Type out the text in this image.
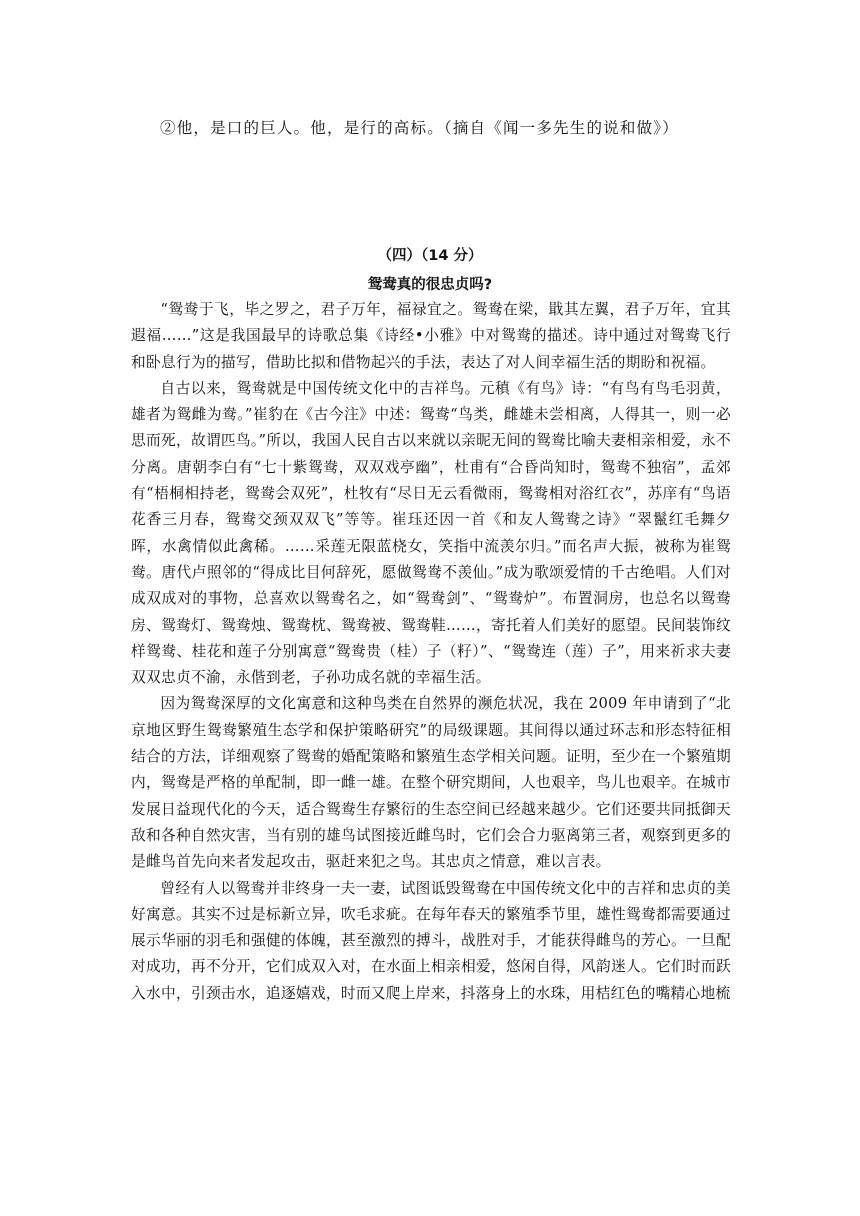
②他，是口的巨人。他，是行的高标。（摘自《闻一多先生的说和做》）
（四）（14 分）
鸳鸯真的很忠贞吗?

“鸳鸯于飞，毕之罗之，君子万年，福禄宜之。鸳鸯在梁，戢其左翼，君子万年，宜其遐福……”这是我国最早的诗歌总集《诗经•小雅》中对鸳鸯的描述。诗中通过对鸳鸯飞行和卧息行为的描写，借助比拟和借物起兴的手法，表达了对人间幸福生活的期盼和祝福。

自古以来，鸳鸯就是中国传统文化中的吉祥鸟。元稹《有鸟》诗：“有鸟有鸟毛羽黄，雄者为鸳雌为鸯。”崔豹在《古今注》中述：鸳鸯“鸟类，雌雄未尝相离，人得其一，则一必思而死，故谓匹鸟。”所以，我国人民自古以来就以亲昵无间的鸳鸯比喻夫妻相亲相爱，永不分离。唐朝李白有“七十紫鸳鸯，双双戏亭幽”，杜甫有“合昏尚知时，鸳鸯不独宿”，孟郊有“梧桐相持老，鸳鸯会双死”，杜牧有“尽日无云看微雨，鸳鸯相对浴红衣”，苏庠有“鸟语花香三月春，鸳鸯交颈双双飞”等等。崔珏还因一首《和友人鸳鸯之诗》“翠鬣红毛舞夕晖，水禽情似此禽稀。……采莲无限蓝桡女，笑指中流羡尔归。”而名声大振，被称为崔鸳鸯。唐代卢照邻的“得成比目何辞死，愿做鸳鸯不羡仙。”成为歌颂爱情的千古绝唱。人们对成双成对的事物，总喜欢以鸳鸯名之，如“鸳鸯剑”、“鸳鸯炉”。布置洞房，也总名以鸳鸯房、鸳鸯灯、鸳鸯烛、鸳鸯枕、鸳鸯被、鸳鸯鞋……，寄托着人们美好的愿望。民间装饰纹样鸳鸯、桂花和莲子分别寓意“鸳鸯贵（桂）子（籽）”、“鸳鸯连（莲）子”，用来祈求夫妻双双忠贞不渝，永偕到老，子孙功成名就的幸福生活。

因为鸳鸯深厚的文化寓意和这种鸟类在自然界的濒危状况，我在 2009 年申请到了“北京地区野生鸳鸯繁殖生态学和保护策略研究”的局级课题。其间得以通过环志和形态特征相结合的方法，详细观察了鸳鸯的婚配策略和繁殖生态学相关问题。证明，至少在一个繁殖期内，鸳鸯是严格的单配制，即一雌一雄。在整个研究期间，人也艰辛，鸟儿也艰辛。在城市发展日益现代化的今天，适合鸳鸯生存繁衍的生态空间已经越来越少。它们还要共同抵御天敌和各种自然灾害，当有别的雄鸟试图接近雌鸟时，它们会合力驱离第三者，观察到更多的是雌鸟首先向来者发起攻击，驱赶来犯之鸟。其忠贞之情意，难以言表。

曾经有人以鸳鸯并非终身一夫一妻，试图诋毁鸳鸯在中国传统文化中的吉祥和忠贞的美好寓意。其实不过是标新立异，吹毛求疵。在每年春天的繁殖季节里，雄性鸳鸯都需要通过展示华丽的羽毛和强健的体魄，甚至激烈的搏斗，战胜对手，才能获得雌鸟的芳心。一旦配对成功，再不分开，它们成双入对，在水面上相亲相爱，悠闲自得，风韵迷人。它们时而跃入水中，引颈击水，追逐嬉戏，时而又爬上岸来，抖落身上的水珠，用桔红色的嘴精心地梳
